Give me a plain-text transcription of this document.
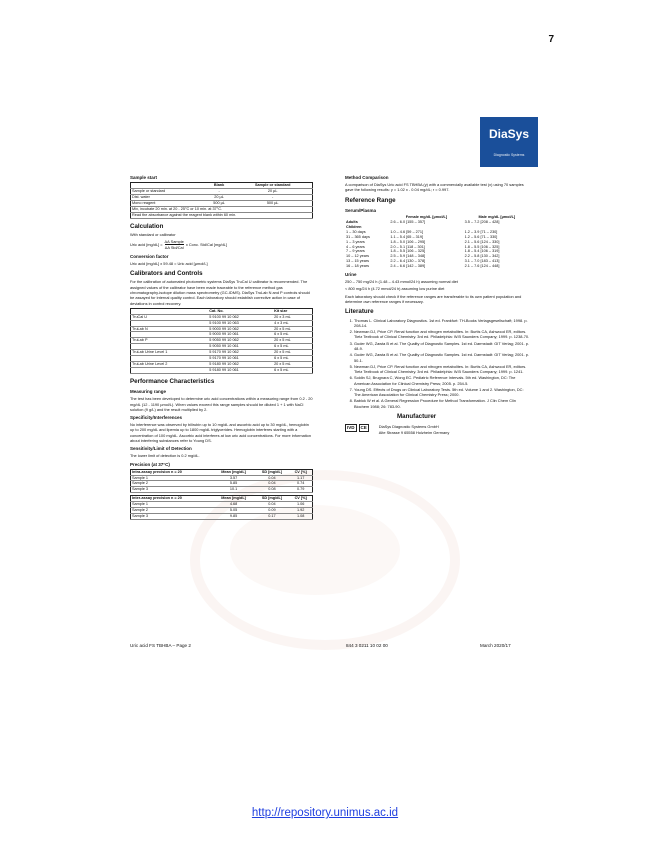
7
DiaSys
Diagnostic Systems
Sample start
	Blank	Sample or standard
Sample or standard	-	20 µL
Dist. water	20 µL	-
Mono reagent	500 µL	500 µL
Mix, incubate 20 min. at 20 - 25°C or 10 min. at 37°C.		
Read the absorbance against the reagent blank within 60 min.		
Calculation

With standard or calibrator

Uric acid [mg/dL] =
ΔA Sample
ΔA Std/Cal
x Conc. Std/Cal [mg/dL]
Conversion factor

Uric acid [mg/dL] x 59.48 = Uric acid [µmol/L]

Calibrators and Controls

For the calibration of automated photometric systems DiaSys TruCal U calibrator is recommended. The assigned values of the calibrator have been made traceable to the reference method gas chromatography-isotope dilution mass spectrometry (GC-IDMS). DiaSys TruLab N and P controls should be assayed for internal quality control. Each laboratory should establish corrective action in case of deviations in control recovery.

	Cat. No.	Kit size
TruCal U	5 9100 99 10 062	20 x 3 mL
	5 9100 99 10 063	4 x 3 mL
TruLab N	5 9000 99 10 062	20 x 5 mL
	5 9000 99 10 061	6 x 5 mL
TruLab P	5 9050 99 10 062	20 x 5 mL
	5 9050 99 10 061	6 x 5 mL
TruLab Urine Level 1	5 9170 99 10 062	20 x 5 mL
	5 9170 99 10 061	6 x 5 mL
TruLab Urine Level 2	5 9180 99 10 062	20 x 5 mL
	5 9180 99 10 061	6 x 5 mL
Performance Characteristics
Measuring range

The test has been developed to determine uric acid concentrations within a measuring range from 0.2 - 20 mg/dL (12 - 1190 µmol/L). When values exceed this range samples should be diluted 1 + 1 with NaCl solution (9 g/L) and the result multiplied by 2.

Specificity/Interferences

No interference was observed by bilirubin up to 10 mg/dL and ascorbic acid up to 30 mg/dL, hemoglobin up to 200 mg/dL and lipemia up to 1800 mg/dL triglycerides. Hemoglobin interferes starting with a concentration of 100 mg/dL. Ascorbic acid interferes at low uric acid concentrations. For more information about interfering substances refer to Young DS.

Sensitivity/Limit of Detection

The lower limit of detection is 0.2 mg/dL.

Precision (at 37°C)
Intra-assay precision n = 20	Mean [mg/dL]	SD [mg/dL]	CV [%]
Sample 1	3.57	0.04	1.17
Sample 2	5.85	0.04	0.74
Sample 3	10.1	0.08	0.79
Inter-assay precision n = 20	Mean [mg/dL]	SD [mg/dL]	CV [%]
Sample 1	4.68	0.04	1.06
Sample 2	5.05	0.09	1.92
Sample 3	9.85	0.17	1.08
Method Comparison

A comparison of DiaSys Uric acid FS TBHBA (y) with a commercially available test (x) using 70 samples gave the following results: y = 1.02 x - 0.04 mg/dL; r = 0.997.

Reference Range
Serum/Plasma
	Female mg/dL [µmol/L]	Male mg/dL [µmol/L]
Adults	2.6 – 6.0 [155 – 357]	3.5 – 7.2 [208 – 428]
Children		
1 – 30 days	1.0 – 4.6 [59 – 271]	1.2 – 3.9 [71 – 230]
31 – 365 days	1.1 – 5.4 [65 – 319]	1.2 – 5.6 [71 – 330]
1 – 3 years	1.8 – 5.0 [106 – 295]	2.1 – 5.6 [124 – 330]
4 – 6 years	2.0 – 5.1 [118 – 301]	1.8 – 5.5 [106 – 325]
7 – 9 years	1.8 – 5.5 [106 – 325]	1.8 – 5.4 [106 – 319]
10 – 12 years	2.5 – 5.9 [148 – 348]	2.2 – 5.8 [130 – 342]
13 – 15 years	2.2 – 6.4 [130 – 378]	3.1 – 7.0 [183 – 413]
16 – 18 years	2.4 – 6.6 [142 – 389]	2.1 – 7.6 [124 – 448]
Urine

250 – 750 mg/24 h (1.48 – 4.43 mmol/24 h) assuming normal diet

< 800 mg/24 h (4.72 mmol/24 h) assuming low purine diet

Each laboratory should check if the reference ranges are transferable to its own patient population and determine own reference ranges if necessary.

Literature
1. Thomas L. Clinical Laboratory Diagnostics. 1st ed. Frankfurt: TH-Books Verlagsgesellschaft; 1998. p. 208-14.
2. Newman DJ, Price CP. Renal function and nitrogen metabolites. In: Burtis CA, Ashwood ER, editors. Tietz Textbook of Clinical Chemistry. 3rd ed. Philadelphia: W.B Saunders Company; 1999. p. 1238-70.
3. Guder WG, Zawta B et al. The Quality of Diagnostic Samples. 1st ed. Darmstadt: GIT Verlag; 2001. p. 48-9.
4. Guder WG, Zawta B et al. The Quality of Diagnostic Samples. 1st ed. Darmstadt: GIT Verlag; 2001. p. 50-1.
5. Newman DJ, Price CP. Renal function and nitrogen metabolites. In: Burtis CA, Ashwood ER, editors. Tietz Textbook of Clinical Chemistry. 3rd ed. Philadelphia: W.B Saunders Company; 1999. p. 1241.
6. Soldin SJ, Brugnara C, Wong EC. Pediatric Reference Intervals. 5th ed. Washington, DC: The American Association for Clinical Chemistry Press; 2005. p. 254-5.
7. Young DS. Effects of Drugs on Clinical Laboratory Tests. 5th ed. Volume 1 and 2. Washington, DC: The American Association for Clinical Chemistry Press; 2000.
8. Bablok W et al. A General Regression Procedure for Method Transformation. J Clin Chem Clin Biochem 1988; 26: 783-90.
Manufacturer
IVD	CE	DiaSys Diagnostic Systems GmbH
Alte Strasse 9 65558 Holzheim Germany
Uric acid FS TBHBA – Page 2	844 3 0211 10 02 00	March 2020/17
http://repository.unimus.ac.id
